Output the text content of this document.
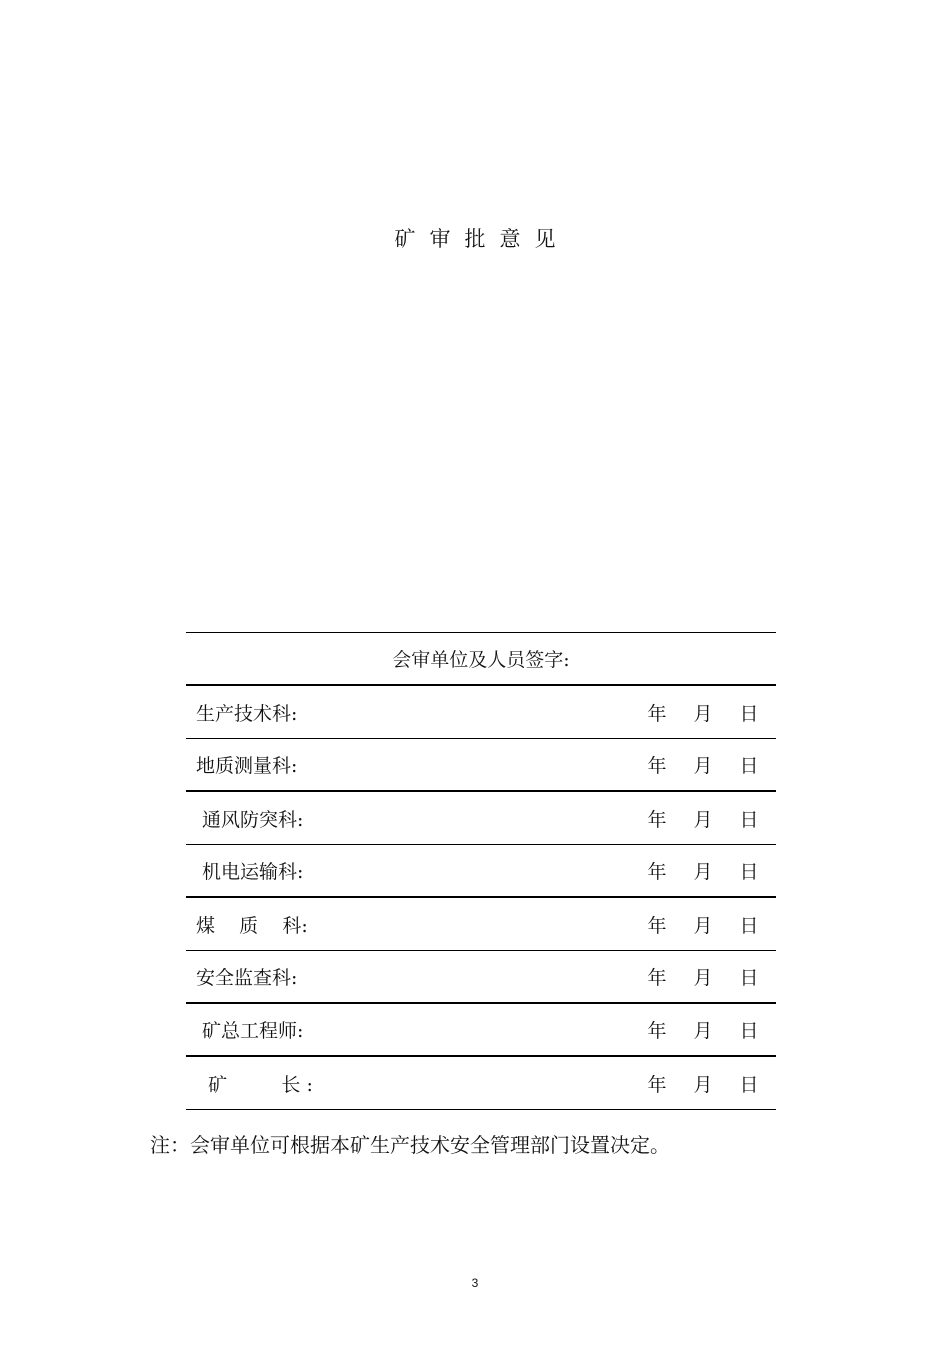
矿审批意见
会审单位及人员签字:
生产技术科:	年	月	日
地质测量科:	年	月	日
通风防突科:	年	月	日
机电运输科:	年	月	日
煤    质    科:	年	月	日
安全监查科:	年	月	日
矿总工程师:	年	月	日
矿         长 :	年	月	日
注：会审单位可根据本矿生产技术安全管理部门设置决定。
3
